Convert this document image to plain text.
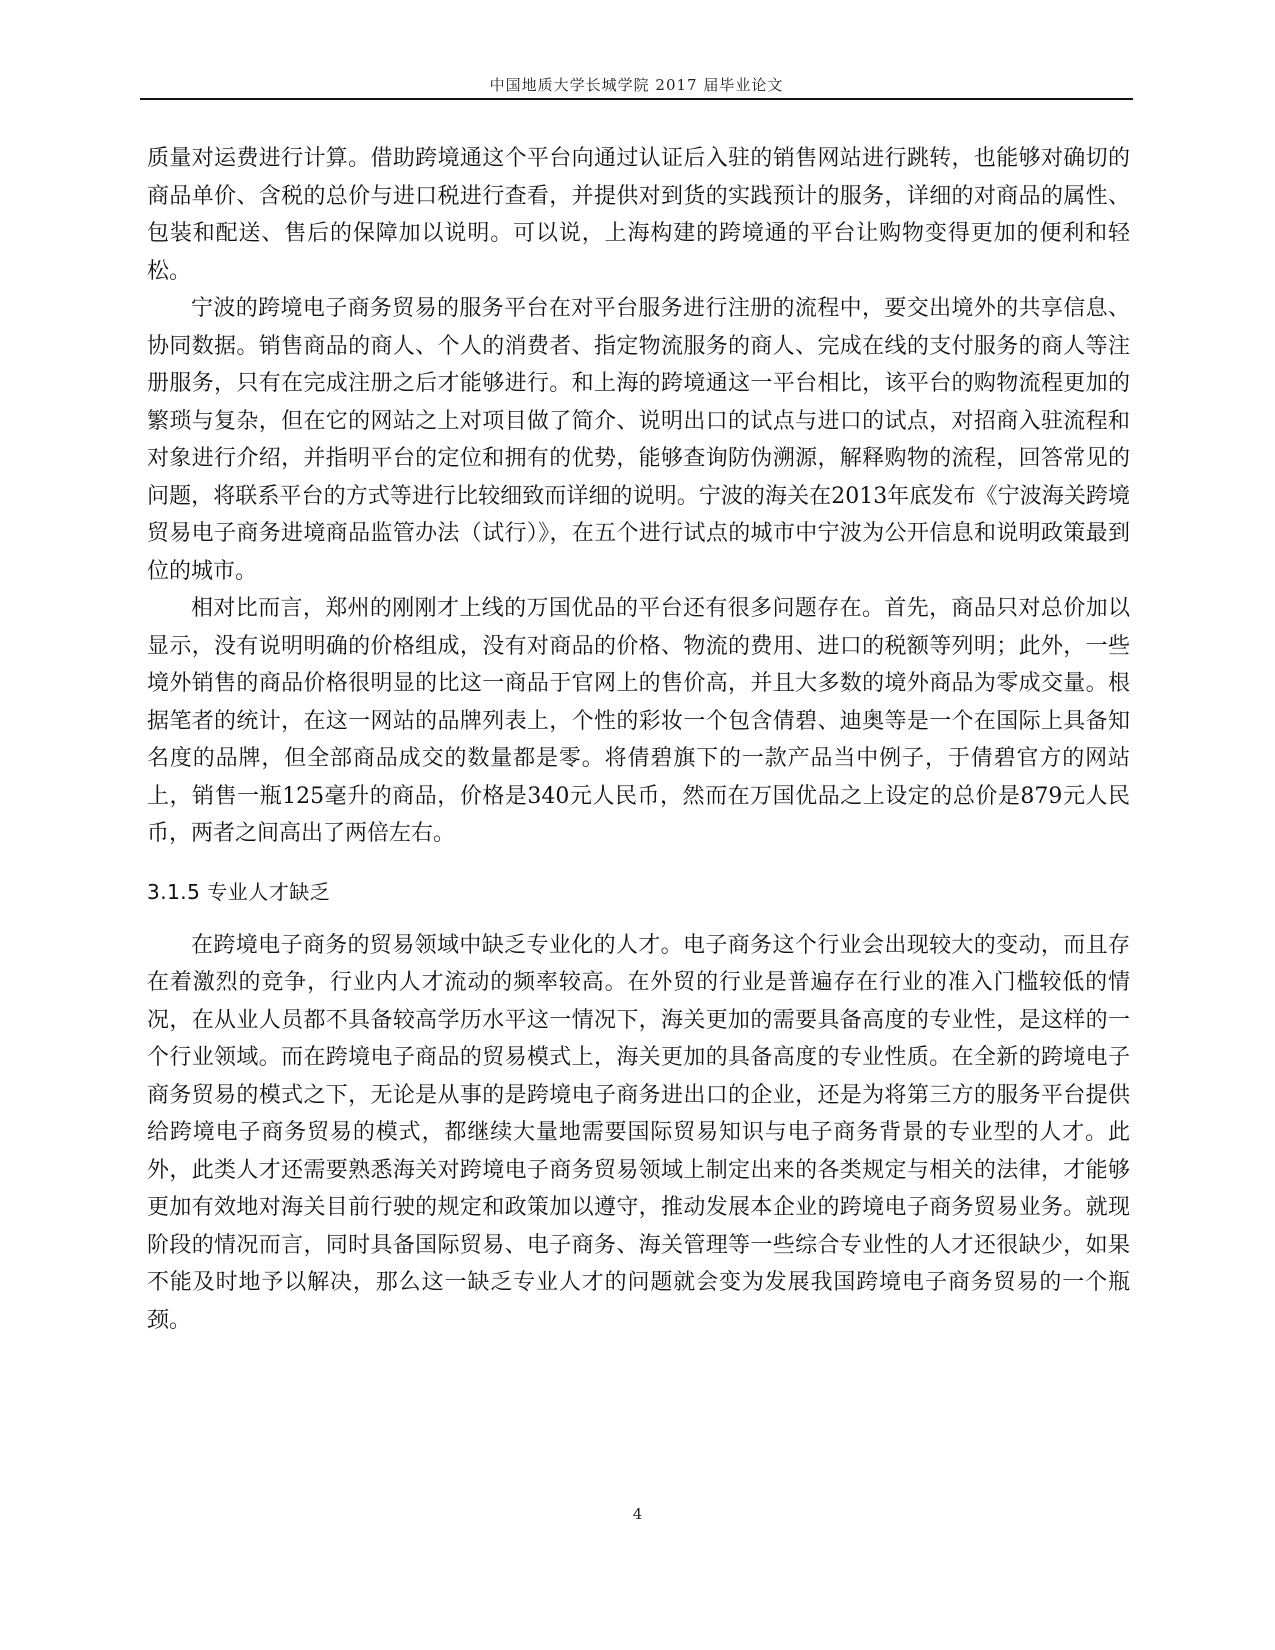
中国地质大学长城学院 2017 届毕业论文

质量对运费进行计算。借助跨境通这个平台向通过认证后入驻的销售网站进行跳转，也能够对确切的商品单价、含税的总价与进口税进行查看，并提供对到货的实践预计的服务，详细的对商品的属性、包装和配送、售后的保障加以说明。可以说，上海构建的跨境通的平台让购物变得更加的便利和轻松。

宁波的跨境电子商务贸易的服务平台在对平台服务进行注册的流程中，要交出境外的共享信息、协同数据。销售商品的商人、个人的消费者、指定物流服务的商人、完成在线的支付服务的商人等注册服务，只有在完成注册之后才能够进行。和上海的跨境通这一平台相比，该平台的购物流程更加的繁琐与复杂，但在它的网站之上对项目做了简介、说明出口的试点与进口的试点，对招商入驻流程和对象进行介绍，并指明平台的定位和拥有的优势，能够查询防伪溯源，解释购物的流程，回答常见的问题，将联系平台的方式等进行比较细致而详细的说明。宁波的海关在2013年底发布《宁波海关跨境贸易电子商务进境商品监管办法（试行）》，在五个进行试点的城市中宁波为公开信息和说明政策最到位的城市。

相对比而言，郑州的刚刚才上线的万国优品的平台还有很多问题存在。首先，商品只对总价加以显示，没有说明明确的价格组成，没有对商品的价格、物流的费用、进口的税额等列明；此外，一些境外销售的商品价格很明显的比这一商品于官网上的售价高，并且大多数的境外商品为零成交量。根据笔者的统计，在这一网站的品牌列表上，个性的彩妆一个包含倩碧、迪奥等是一个在国际上具备知名度的品牌，但全部商品成交的数量都是零。将倩碧旗下的一款产品当中例子，于倩碧官方的网站上，销售一瓶125毫升的商品，价格是340元人民币，然而在万国优品之上设定的总价是879元人民币，两者之间高出了两倍左右。

3.1.5 专业人才缺乏

在跨境电子商务的贸易领域中缺乏专业化的人才。电子商务这个行业会出现较大的变动，而且存在着激烈的竞争，行业内人才流动的频率较高。在外贸的行业是普遍存在行业的准入门槛较低的情况，在从业人员都不具备较高学历水平这一情况下，海关更加的需要具备高度的专业性，是这样的一个行业领域。而在跨境电子商品的贸易模式上，海关更加的具备高度的专业性质。在全新的跨境电子商务贸易的模式之下，无论是从事的是跨境电子商务进出口的企业，还是为将第三方的服务平台提供给跨境电子商务贸易的模式，都继续大量地需要国际贸易知识与电子商务背景的专业型的人才。此外，此类人才还需要熟悉海关对跨境电子商务贸易领域上制定出来的各类规定与相关的法律，才能够更加有效地对海关目前行驶的规定和政策加以遵守，推动发展本企业的跨境电子商务贸易业务。就现阶段的情况而言，同时具备国际贸易、电子商务、海关管理等一些综合专业性的人才还很缺少，如果不能及时地予以解决，那么这一缺乏专业人才的问题就会变为发展我国跨境电子商务贸易的一个瓶颈。

4
